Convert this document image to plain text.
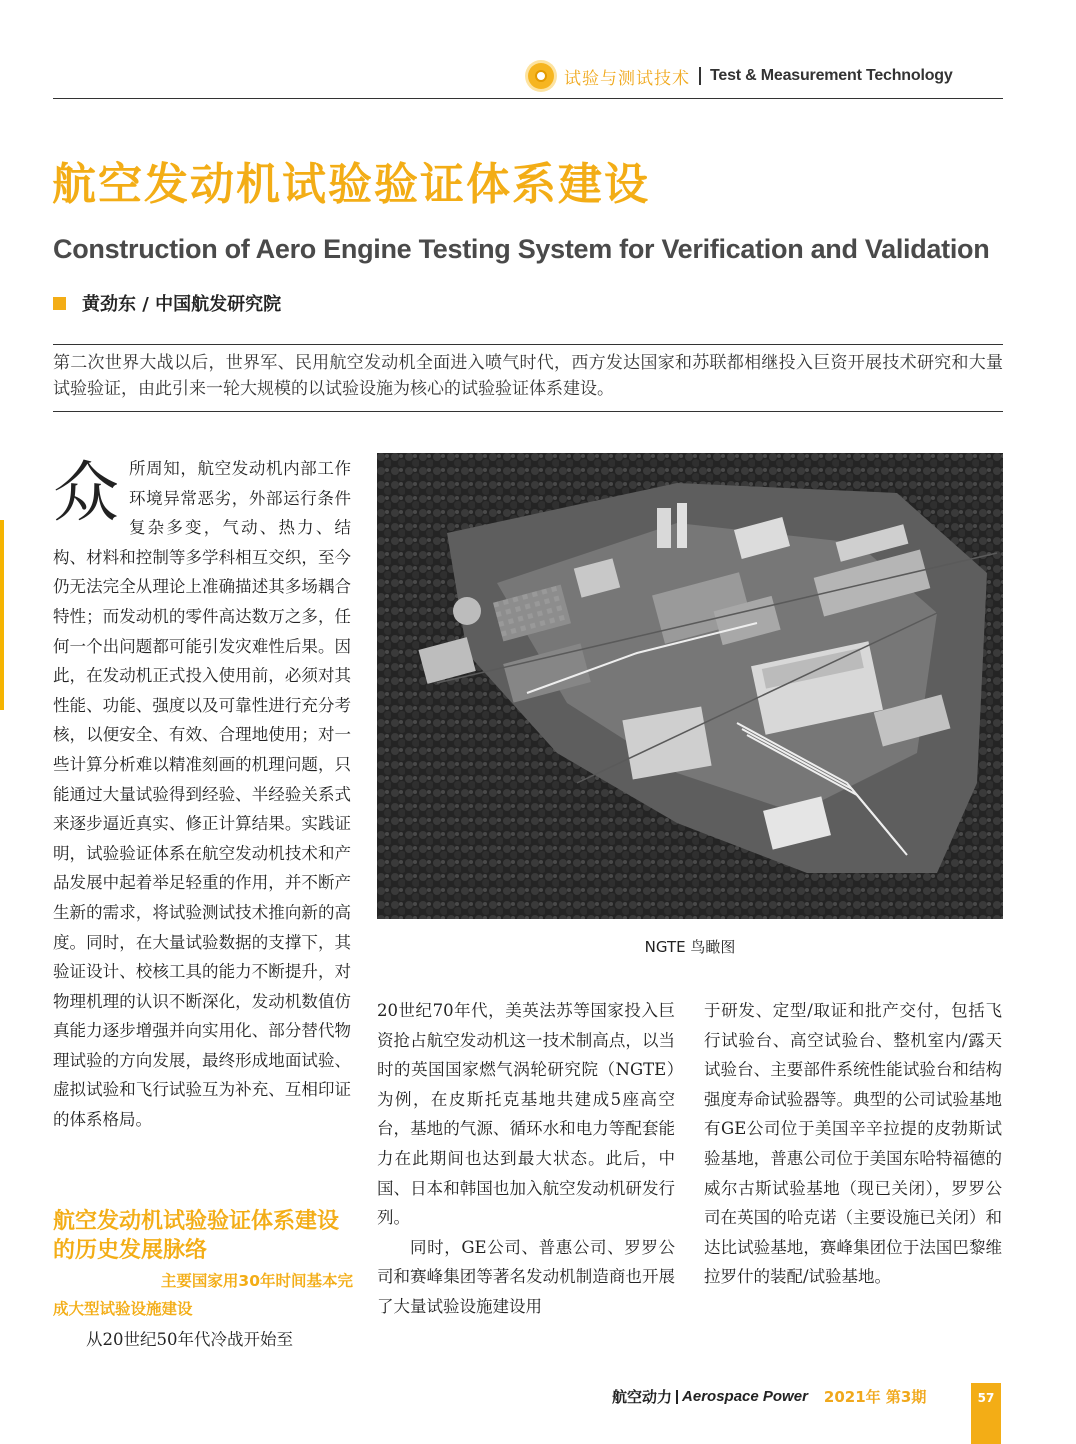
试验与测试技术 Test & Measurement Technology
航空发动机试验验证体系建设
Construction of Aero Engine Testing System for Verification and Validation
黄劲东 / 中国航发研究院
第二次世界大战以后，世界军、民用航空发动机全面进入喷气时代，西方发达国家和苏联都相继投入巨资开展技术研究和大量试验验证，由此引来一轮大规模的以试验设施为核心的试验验证体系建设。
众 所周知，航空发动机内部工作环境异常恶劣，外部运行条件复杂多变，气动、热力、结构、材料和控制等多学科相互交织，至今仍无法完全从理论上准确描述其多场耦合特性；而发动机的零件高达数万之多，任何一个出问题都可能引发灾难性后果。因此，在发动机正式投入使用前，必须对其性能、功能、强度以及可靠性进行充分考核，以便安全、有效、合理地使用；对一些计算分析难以精准刻画的机理问题，只能通过大量试验得到经验、半经验关系式来逐步逼近真实、修正计算结果。实践证明，试验验证体系在航空发动机技术和产品发展中起着举足轻重的作用，并不断产生新的需求，将试验测试技术推向新的高度。同时，在大量试验数据的支撑下，其验证设计、校核工具的能力不断提升，对物理机理的认识不断深化，发动机数值仿真能力逐步增强并向实用化、部分替代物理试验的方向发展，最终形成地面试验、虚拟试验和飞行试验互为补充、互相印证的体系格局。

航空发动机试验验证体系建设的历史发展脉络
主要国家用30年时间基本完
成大型试验设施建设

从20世纪50年代冷战开始至

NGTE 鸟瞰图

20世纪70年代，美英法苏等国家投入巨资抢占航空发动机这一技术制高点，以当时的英国国家燃气涡轮研究院（NGTE）为例，在皮斯托克基地共建成5座高空台，基地的气源、循环水和电力等配套能力在此期间也达到最大状态。此后，中国、日本和韩国也加入航空发动机研发行列。

同时，GE公司、普惠公司、罗罗公司和赛峰集团等著名发动机制造商也开展了大量试验设施建设用

于研发、定型/取证和批产交付，包括飞行试验台、高空试验台、整机室内/露天试验台、主要部件系统性能试验台和结构强度寿命试验器等。典型的公司试验基地有GE公司位于美国辛辛拉提的皮勃斯试验基地，普惠公司位于美国东哈特福德的威尔古斯试验基地（现已关闭），罗罗公司在英国的哈克诺（主要设施已关闭）和达比试验基地，赛峰集团位于法国巴黎维拉罗什的装配/试验基地。

航空动力 Aerospace Power 2021年 第3期	57
